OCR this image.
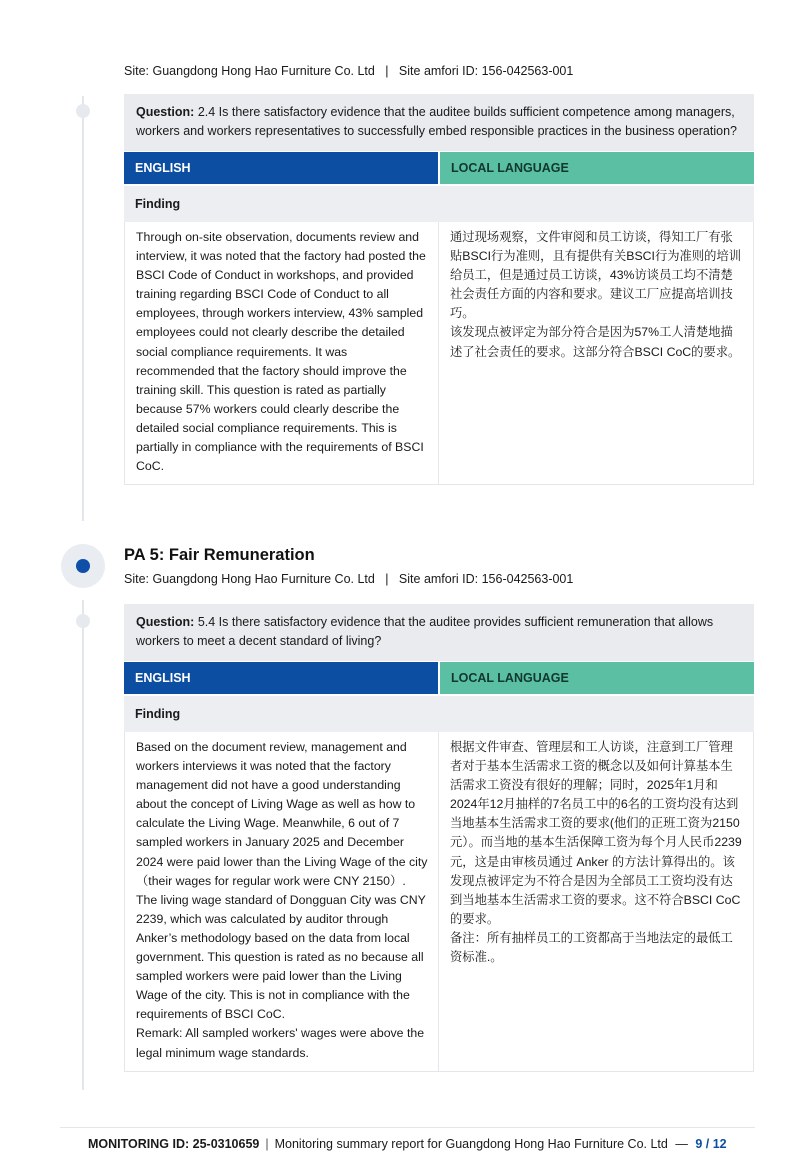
Site: Guangdong Hong Hao Furniture Co. Ltd   |   Site amfori ID: 156-042563-001
Question: 2.4 Is there satisfactory evidence that the auditee builds sufficient competence among managers, workers and workers representatives to successfully embed responsible practices in the business operation?
ENGLISH	LOCAL LANGUAGE
Finding
Through on-site observation, documents review and interview, it was noted that the factory had posted the BSCI Code of Conduct in workshops, and provided training regarding BSCI Code of Conduct to all employees, through workers interview, 43% sampled employees could not clearly describe the detailed social compliance requirements. It was recommended that the factory should improve the training skill. This question is rated as partially because 57% workers could clearly describe the detailed social compliance requirements. This is partially in compliance with the requirements of BSCI CoC.
通过现场观察，文件审阅和员工访谈，得知工厂有张贴BSCI行为准则，且有提供有关BSCI行为准则的培训给员工，但是通过员工访谈，43%访谈员工均不清楚社会责任方面的内容和要求。建议工厂应提高培训技巧。
该发现点被评定为部分符合是因为57%工人清楚地描述了社会责任的要求。这部分符合BSCI CoC的要求。
PA 5: Fair Remuneration
Site: Guangdong Hong Hao Furniture Co. Ltd   |   Site amfori ID: 156-042563-001
Question: 5.4 Is there satisfactory evidence that the auditee provides sufficient remuneration that allows workers to meet a decent standard of living?
ENGLISH	LOCAL LANGUAGE
Finding
Based on the document review, management and workers interviews it was noted that the factory management did not have a good understanding about the concept of Living Wage as well as how to calculate the Living Wage. Meanwhile, 6 out of 7 sampled workers in January 2025 and December 2024 were paid lower than the Living Wage of the city（their wages for regular work were CNY 2150）. The living wage standard of Dongguan City was CNY 2239, which was calculated by auditor through Anker’s methodology based on the data from local government. This question is rated as no because all sampled workers were paid lower than the Living Wage of the city. This is not in compliance with the requirements of BSCI CoC.
Remark: All sampled workers' wages were above the legal minimum wage standards.
根据文件审查、管理层和工人访谈，注意到工厂管理者对于基本生活需求工资的概念以及如何计算基本生活需求工资没有很好的理解；同时，2025年1月和2024年12月抽样的7名员工中的6名的工资均没有达到当地基本生活需求工资的要求(他们的正班工资为2150元）。而当地的基本生活保障工资为每个月人民币2239元，这是由审核员通过 Anker 的方法计算得出的。该发现点被评定为不符合是因为全部员工工资均没有达到当地基本生活需求工资的要求。这不符合BSCI CoC的要求。
备注：所有抽样员工的工资都高于当地法定的最低工资标准.。
MONITORING ID: 25-0310659 | Monitoring summary report for Guangdong Hong Hao Furniture Co. Ltd — 9 / 12
